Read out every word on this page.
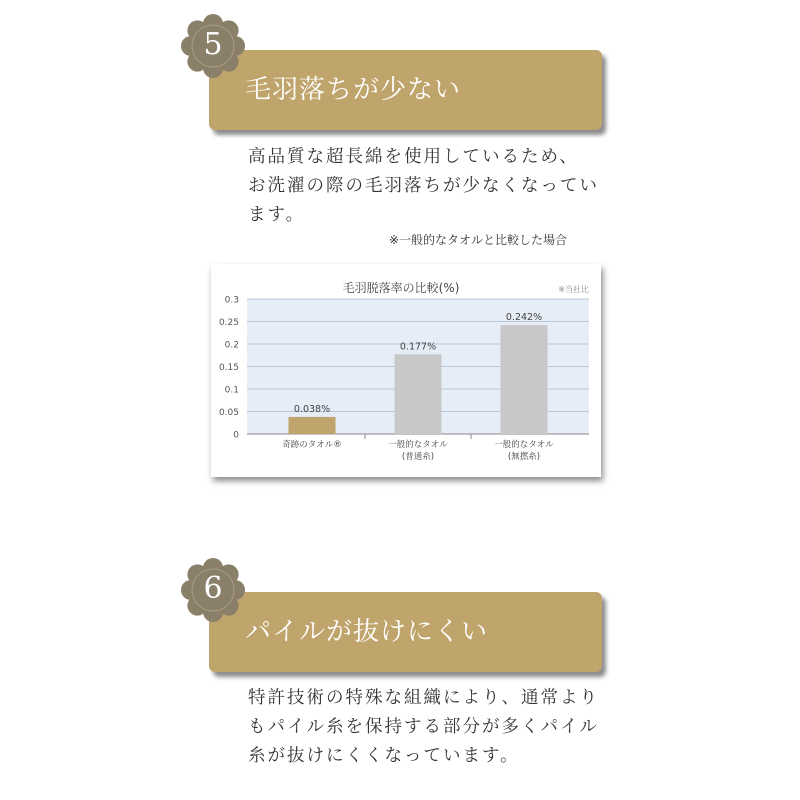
毛羽落ちが少ない
5
高品質な超長綿を使用しているため、
お洗濯の際の毛羽落ちが少なくなってい
ます。
※一般的なタオルと比較した場合
毛羽脱落率の比較(%)	※当社比
0
0.05
0.1
0.15
0.2
0.25
0.3
0.038%
奇跡のタオル®
0.177%
一般的なタオル
(普通糸)
0.242%
一般的なタオル
(無撚糸)
パイルが抜けにくい
6
特許技術の特殊な組織により、通常より
もパイル糸を保持する部分が多くパイル
糸が抜けにくくなっています。
